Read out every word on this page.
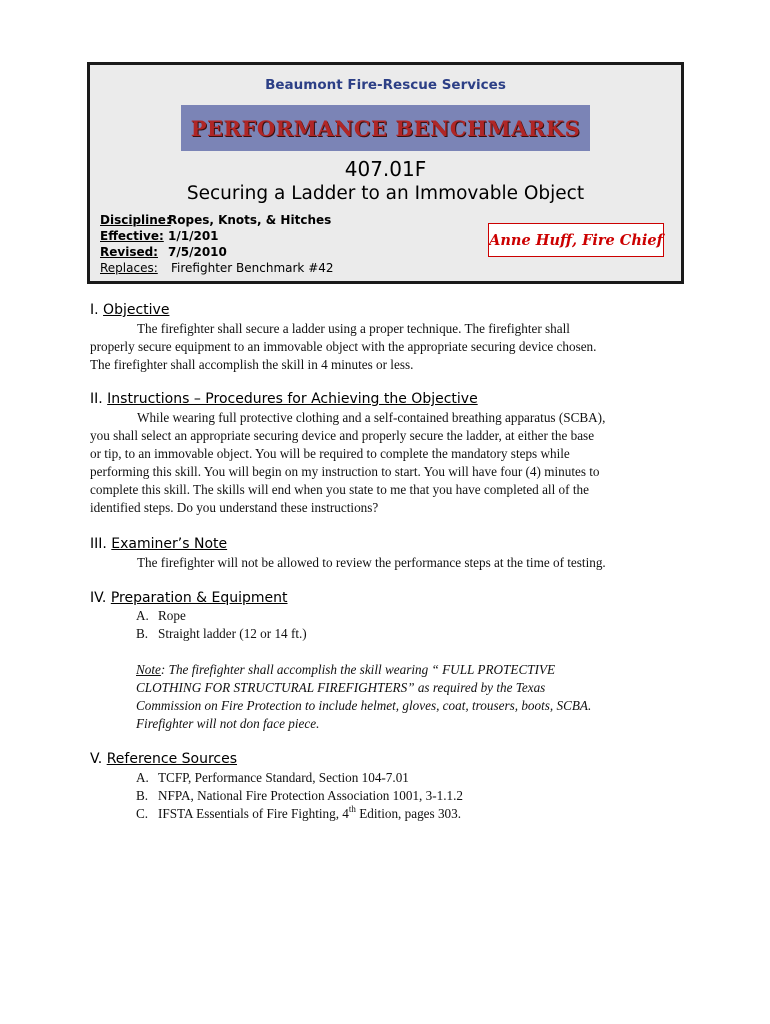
Beaumont Fire-Rescue Services
PERFORMANCE BENCHMARKS
407.01F
Securing a Ladder to an Immovable Object
Discipline:
Ropes, Knots, & Hitches
Effective: 1/1/201
Revised: 7/5/2010
Replaces:	Firefighter Benchmark #42
Anne Huff, Fire Chief
I. Objective
The firefighter shall secure a ladder using a proper technique. The firefighter shall
properly secure equipment to an immovable object with the appropriate securing device chosen.
The firefighter shall accomplish the skill in 4 minutes or less.
II. Instructions – Procedures for Achieving the Objective
While wearing full protective clothing and a self-contained breathing apparatus (SCBA),
you shall select an appropriate securing device and properly secure the ladder, at either the base
or tip, to an immovable object. You will be required to complete the mandatory steps while
performing this skill. You will begin on my instruction to start. You will have four (4) minutes to
complete this skill. The skills will end when you state to me that you have completed all of the
identified steps. Do you understand these instructions?
III. Examiner’s Note
The firefighter will not be allowed to review the performance steps at the time of testing.
IV. Preparation & Equipment
A. Rope
B. Straight ladder (12 or 14 ft.)
Note: The firefighter shall accomplish the skill wearing “ FULL PROTECTIVE
CLOTHING FOR STRUCTURAL FIREFIGHTERS” as required by the Texas
Commission on Fire Protection to include helmet, gloves, coat, trousers, boots, SCBA.
Firefighter will not don face piece.
V. Reference Sources
A. TCFP, Performance Standard, Section 104-7.01
B. NFPA, National Fire Protection Association 1001, 3-1.1.2
C. IFSTA Essentials of Fire Fighting, 4th Edition, pages 303.
